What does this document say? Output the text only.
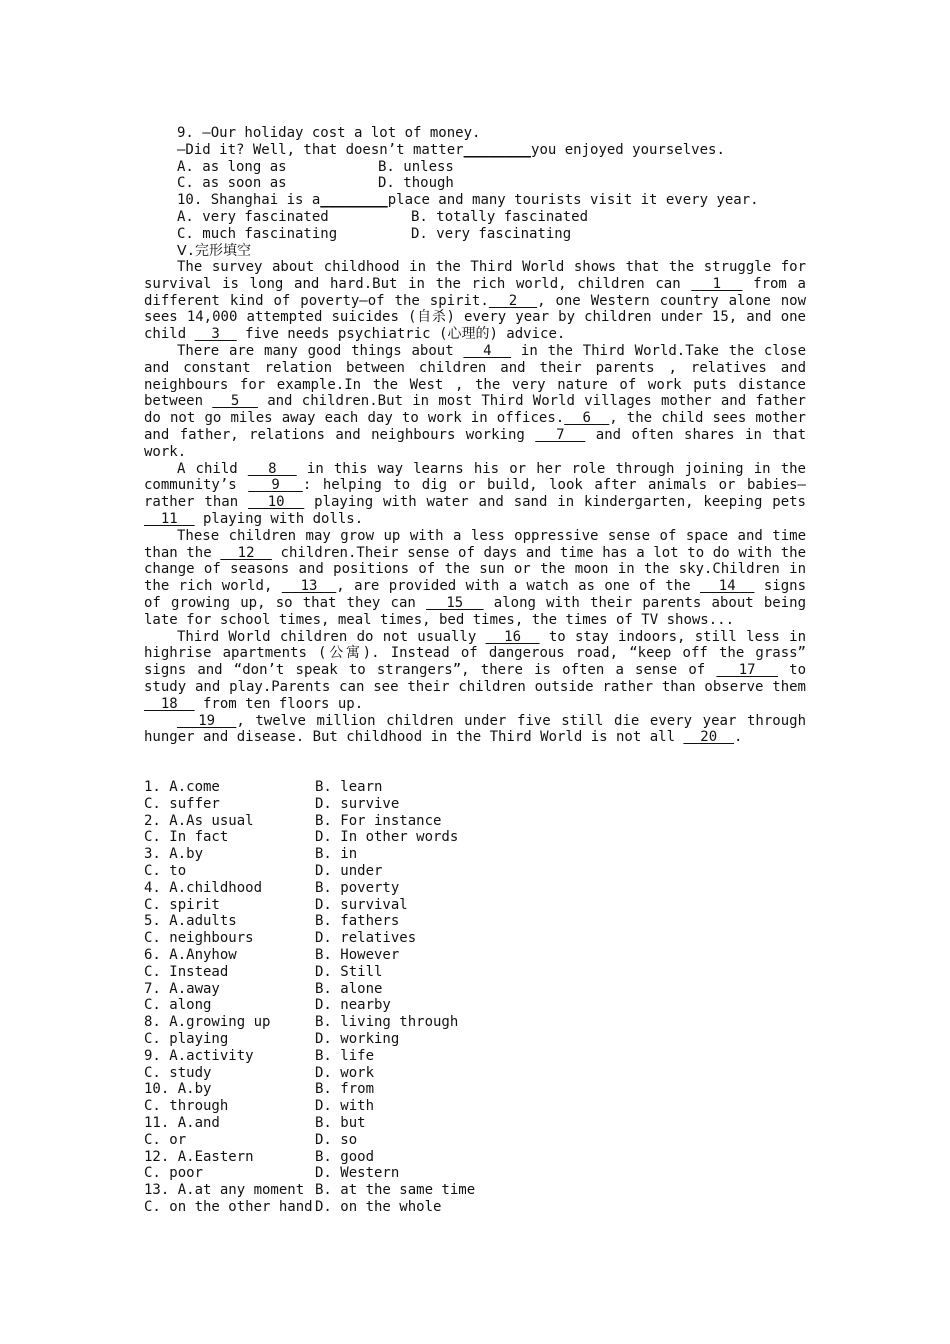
9. —Our holiday cost a lot of money.
—Did it? Well, that doesn’t matter________you enjoyed yourselves.
A. as long as	B. unless
C. as soon as	D. though
10. Shanghai is a________place and many tourists visit it every year.
A. very fascinated	B. totally fascinated
C. much fascinating	D. very fascinating
Ⅴ.完形填空

The survey about childhood in the Third World shows that the struggle for survival is long and hard.But in the rich world, children can   1   from a different kind of poverty—of the spirit.  2  , one Western country alone now sees 14,000 attempted suicides (自杀) every year by children under 15, and one child   3   five needs psychiatric (心理的) advice.

There are many good things about   4   in the Third World.Take the close and constant relation between children and their parents , relatives and neighbours for example.In the West , the very nature of work puts distance between   5   and children.But in most Third World villages mother and father do not go miles away each day to work in offices.  6  , the child sees mother and father, relations and neighbours working   7   and often shares in that work.

A child   8   in this way learns his or her role through joining in the community’s   9  : helping to dig or build, look after animals or babies—rather than   10   playing with water and sand in kindergarten, keeping pets   11   playing with dolls.

These children may grow up with a less oppressive sense of space and time than the   12   children.Their sense of days and time has a lot to do with the change of seasons and positions of the sun or the moon in the sky.Children in the rich world,   13  , are provided with a watch as one of the   14   signs of growing up, so that they can   15   along with their parents about being late for school times, meal times, bed times, the times of TV shows...

Third World children do not usually   16   to stay indoors, still less in highrise apartments (公寓). Instead of dangerous road, “keep off the grass” signs and “don’t speak to strangers”, there is often a sense of   17   to study and play.Parents can see their children outside rather than observe them   18   from ten floors up.

19  , twelve million children under five still die every year through hunger and disease. But childhood in the Third World is not all   20  .

1. A.come	B. learn
C. suffer	D. survive
2. A.As usual	B. For instance
C. In fact	D. In other words
3. A.by	B. in
C. to	D. under
4. A.childhood	B. poverty
C. spirit	D. survival
5. A.adults	B. fathers
C. neighbours	D. relatives
6. A.Anyhow	B. However
C. Instead	D. Still
7. A.away	B. alone
C. along	D. nearby
8. A.growing up	B. living through
C. playing	D. working
9. A.activity	B. life
C. study	D. work
10. A.by	B. from
C. through	D. with
11. A.and	B. but
C. or	D. so
12. A.Eastern	B. good
C. poor	D. Western
13. A.at any moment B. at the same time
C. on the other hand D. on the whole
